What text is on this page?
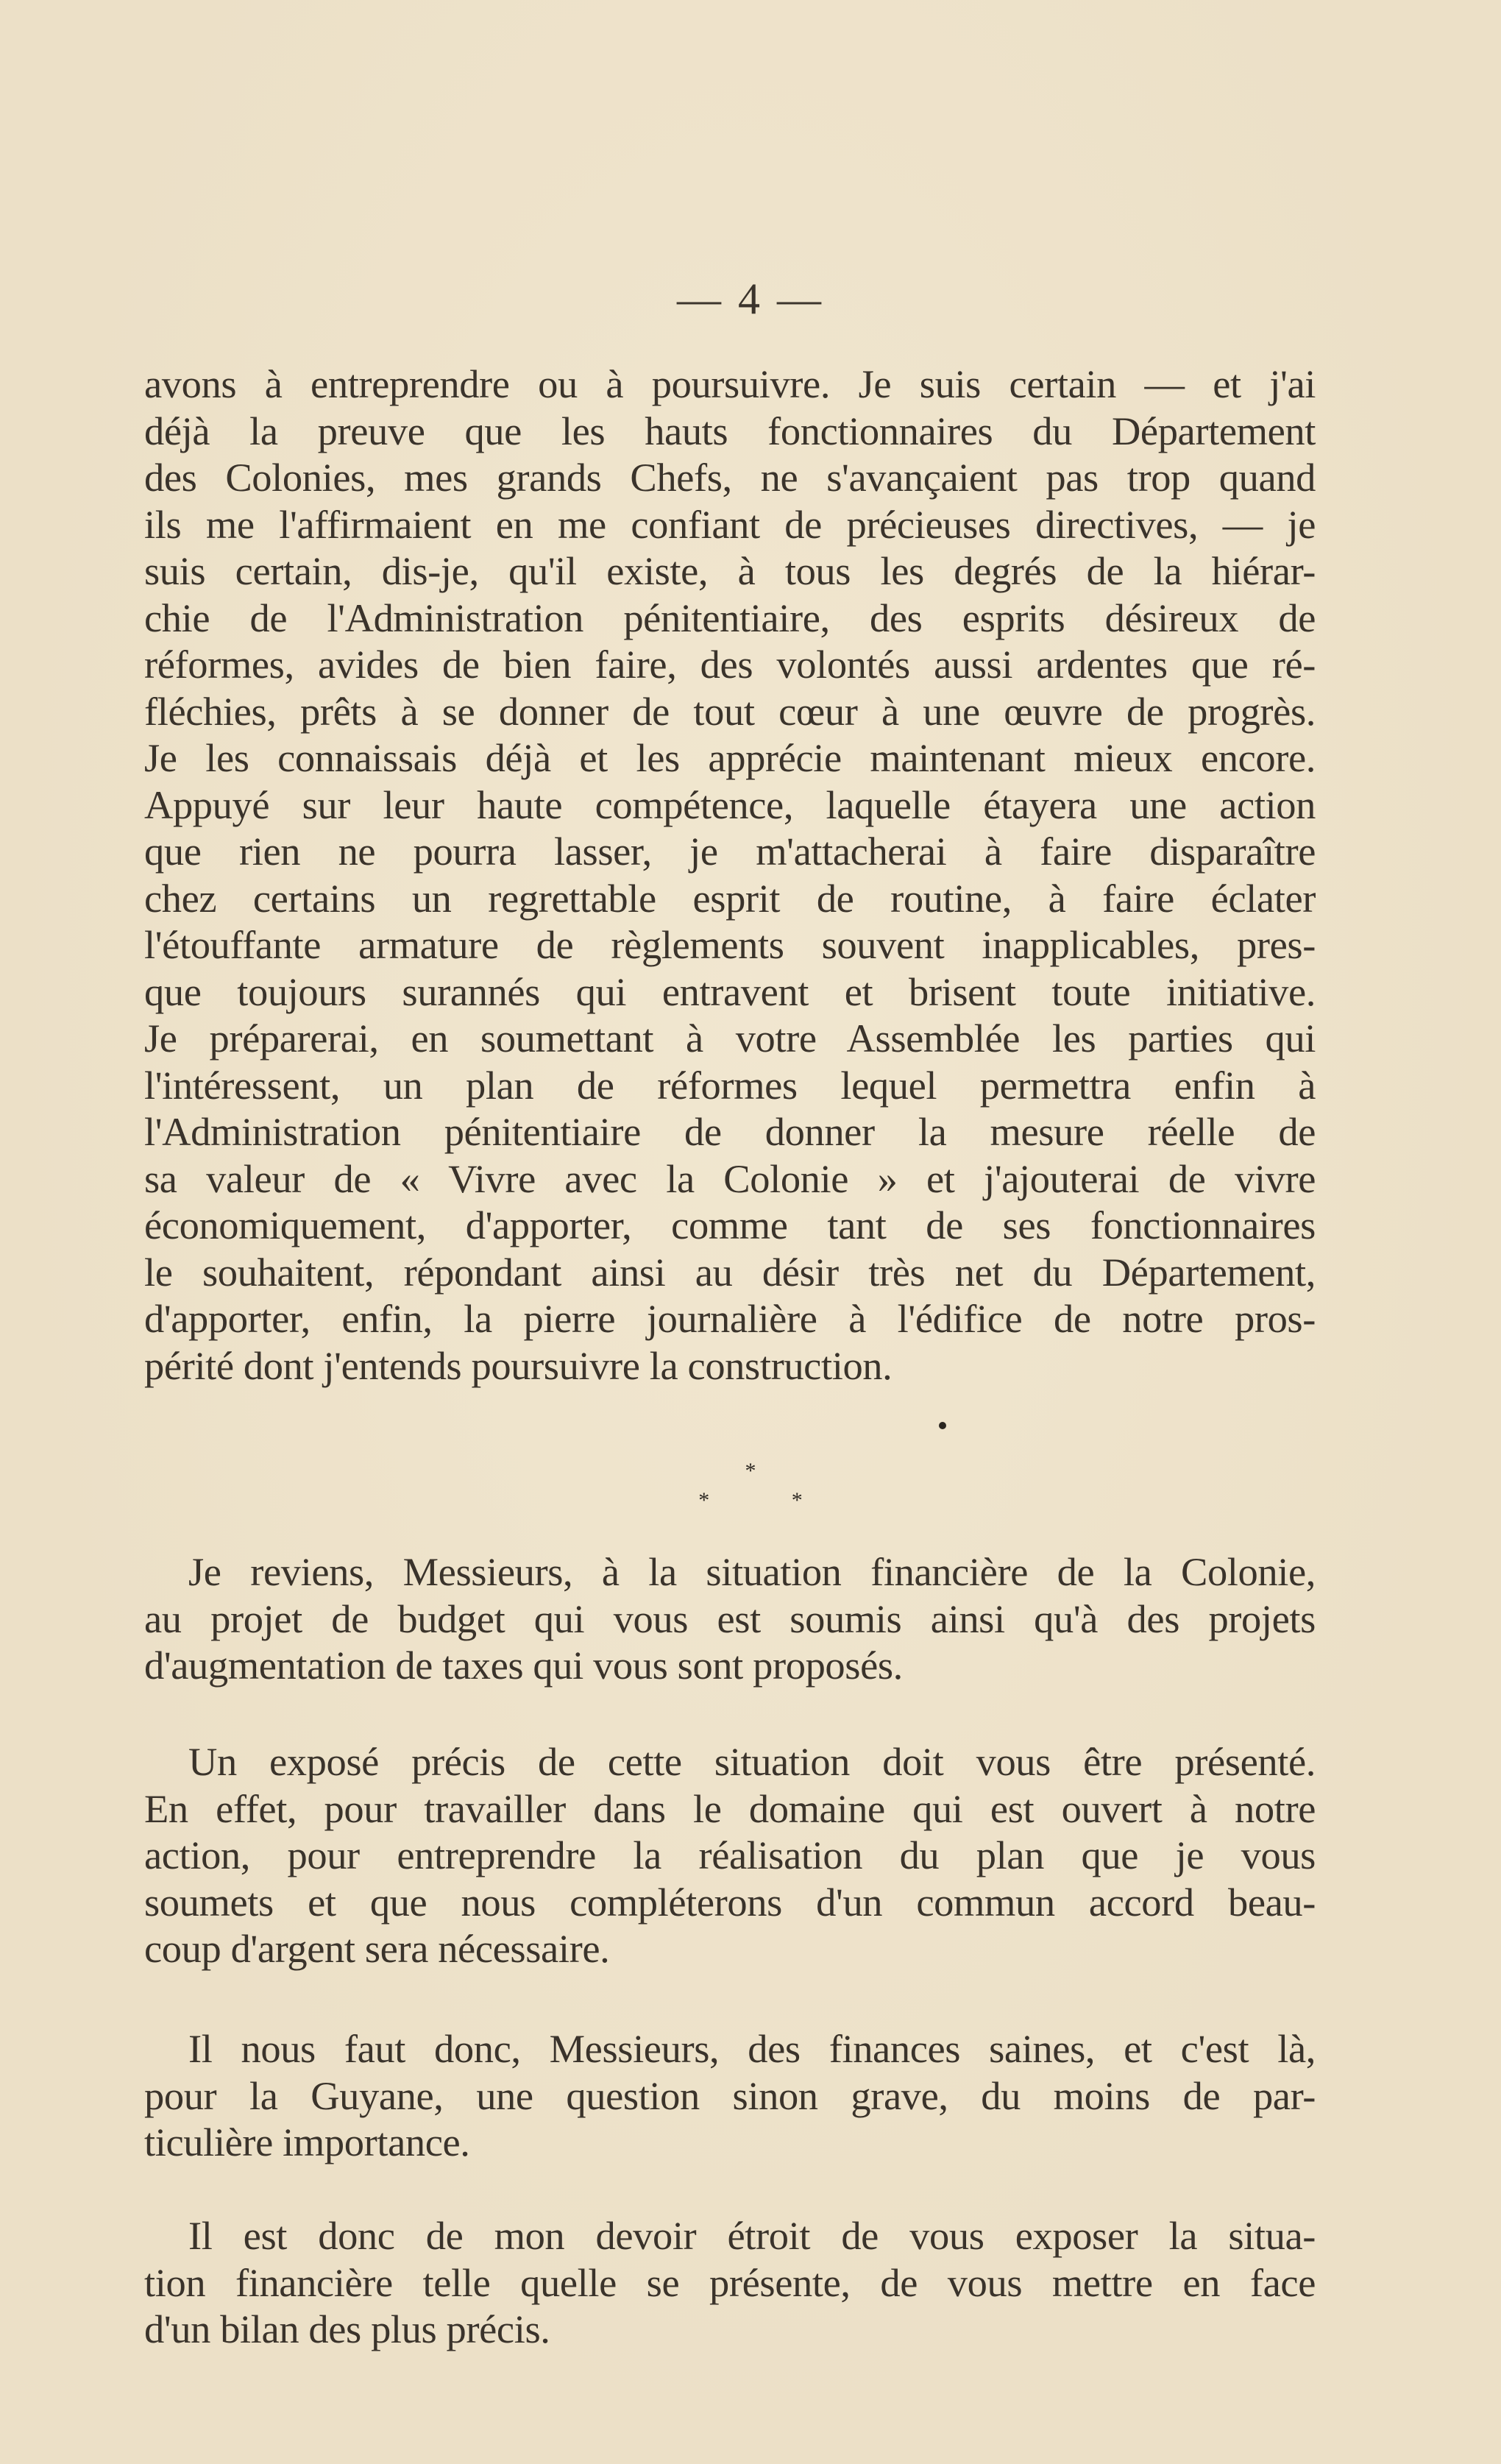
— 4 —
avons à entreprendre ou à poursuivre. Je suis certain — et j'ai
déjà la preuve que les hauts fonctionnaires du Département
des Colonies, mes grands Chefs, ne s'avançaient pas trop quand
ils me l'affirmaient en me confiant de précieuses directives, — je
suis certain, dis-je, qu'il existe, à tous les degrés de la hiérar-
chie de l'Administration pénitentiaire, des esprits désireux de
réformes, avides de bien faire, des volontés aussi ardentes que ré-
fléchies, prêts à se donner de tout cœur à une œuvre de progrès.
Je les connaissais déjà et les apprécie maintenant mieux encore.
Appuyé sur leur haute compétence, laquelle étayera une action
que rien ne pourra lasser, je m'attacherai à faire disparaître
chez certains un regrettable esprit de routine, à faire éclater
l'étouffante armature de règlements souvent inapplicables, pres-
que toujours surannés qui entravent et brisent toute initiative.
Je préparerai, en soumettant à votre Assemblée les parties qui
l'intéressent, un plan de réformes lequel permettra enfin à
l'Administration pénitentiaire de donner la mesure réelle de
sa valeur de « Vivre avec la Colonie » et j'ajouterai de vivre
économiquement, d'apporter, comme tant de ses fonctionnaires
le souhaitent, répondant ainsi au désir très net du Département,
d'apporter, enfin, la pierre journalière à l'édifice de notre pros-
périté dont j'entends poursuivre la construction.
*
* *
Je reviens, Messieurs, à la situation financière de la Colonie,
au projet de budget qui vous est soumis ainsi qu'à des projets
d'augmentation de taxes qui vous sont proposés.
Un exposé précis de cette situation doit vous être présenté.
En effet, pour travailler dans le domaine qui est ouvert à notre
action, pour entreprendre la réalisation du plan que je vous
soumets et que nous compléterons d'un commun accord beau-
coup d'argent sera nécessaire.
Il nous faut donc, Messieurs, des finances saines, et c'est là,
pour la Guyane, une question sinon grave, du moins de par-
ticulière importance.
Il est donc de mon devoir étroit de vous exposer la situa-
tion financière telle quelle se présente, de vous mettre en face
d'un bilan des plus précis.
